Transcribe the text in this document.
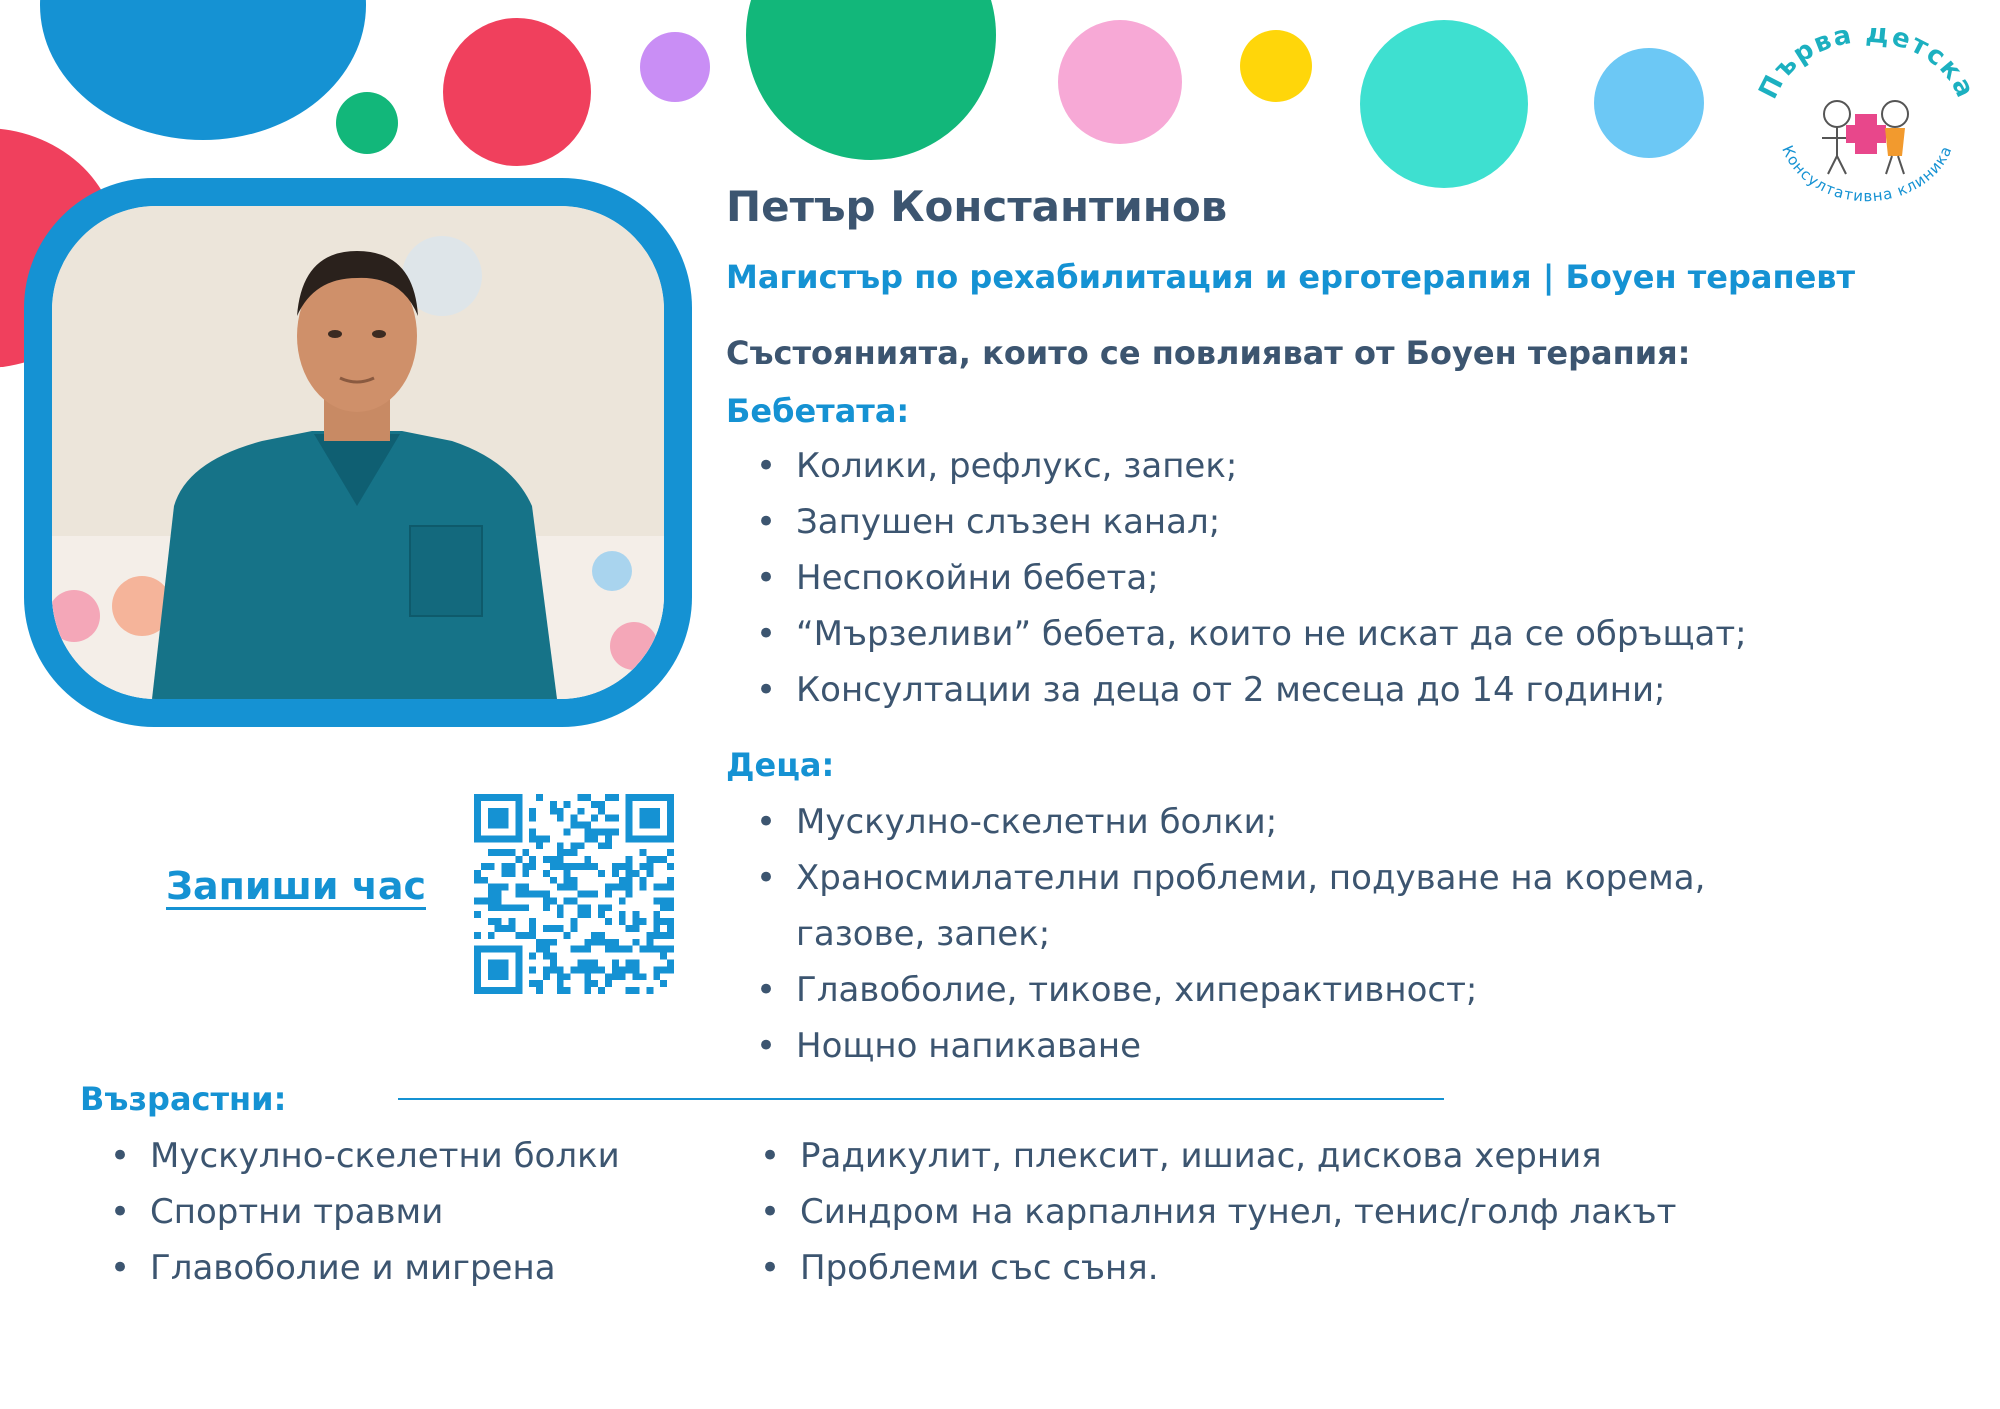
Първа Детска
Консултативна клиника
Петър Константинов

Магистър по рехабилитация и ерготерапия | Боуен терапевт

Състоянията, които се повлияват от Боуен терапия:

Бебетата:

• Колики, рефлукс, запек;
• Запушен слъзен канал;
• Неспокойни бебета;
• “Мързеливи” бебета, които не искат да се обръщат;
• Консултации за деца от 2 месеца до 14 години;

Деца:

• Мускулно-скелетни болки;
• Храносмилателни проблеми, подуване на корема,
газове, запек;
• Главоболие, тикове, хиперактивност;
• Нощно напикаване
Запиши час

Възрастни:

• Мускулно-скелетни болки
• Спортни травми
• Главоболие и мигрена
• Радикулит, плексит, ишиас, дискова херния
• Синдром на карпалния тунел, тенис/голф лакът
• Проблеми със съня.
